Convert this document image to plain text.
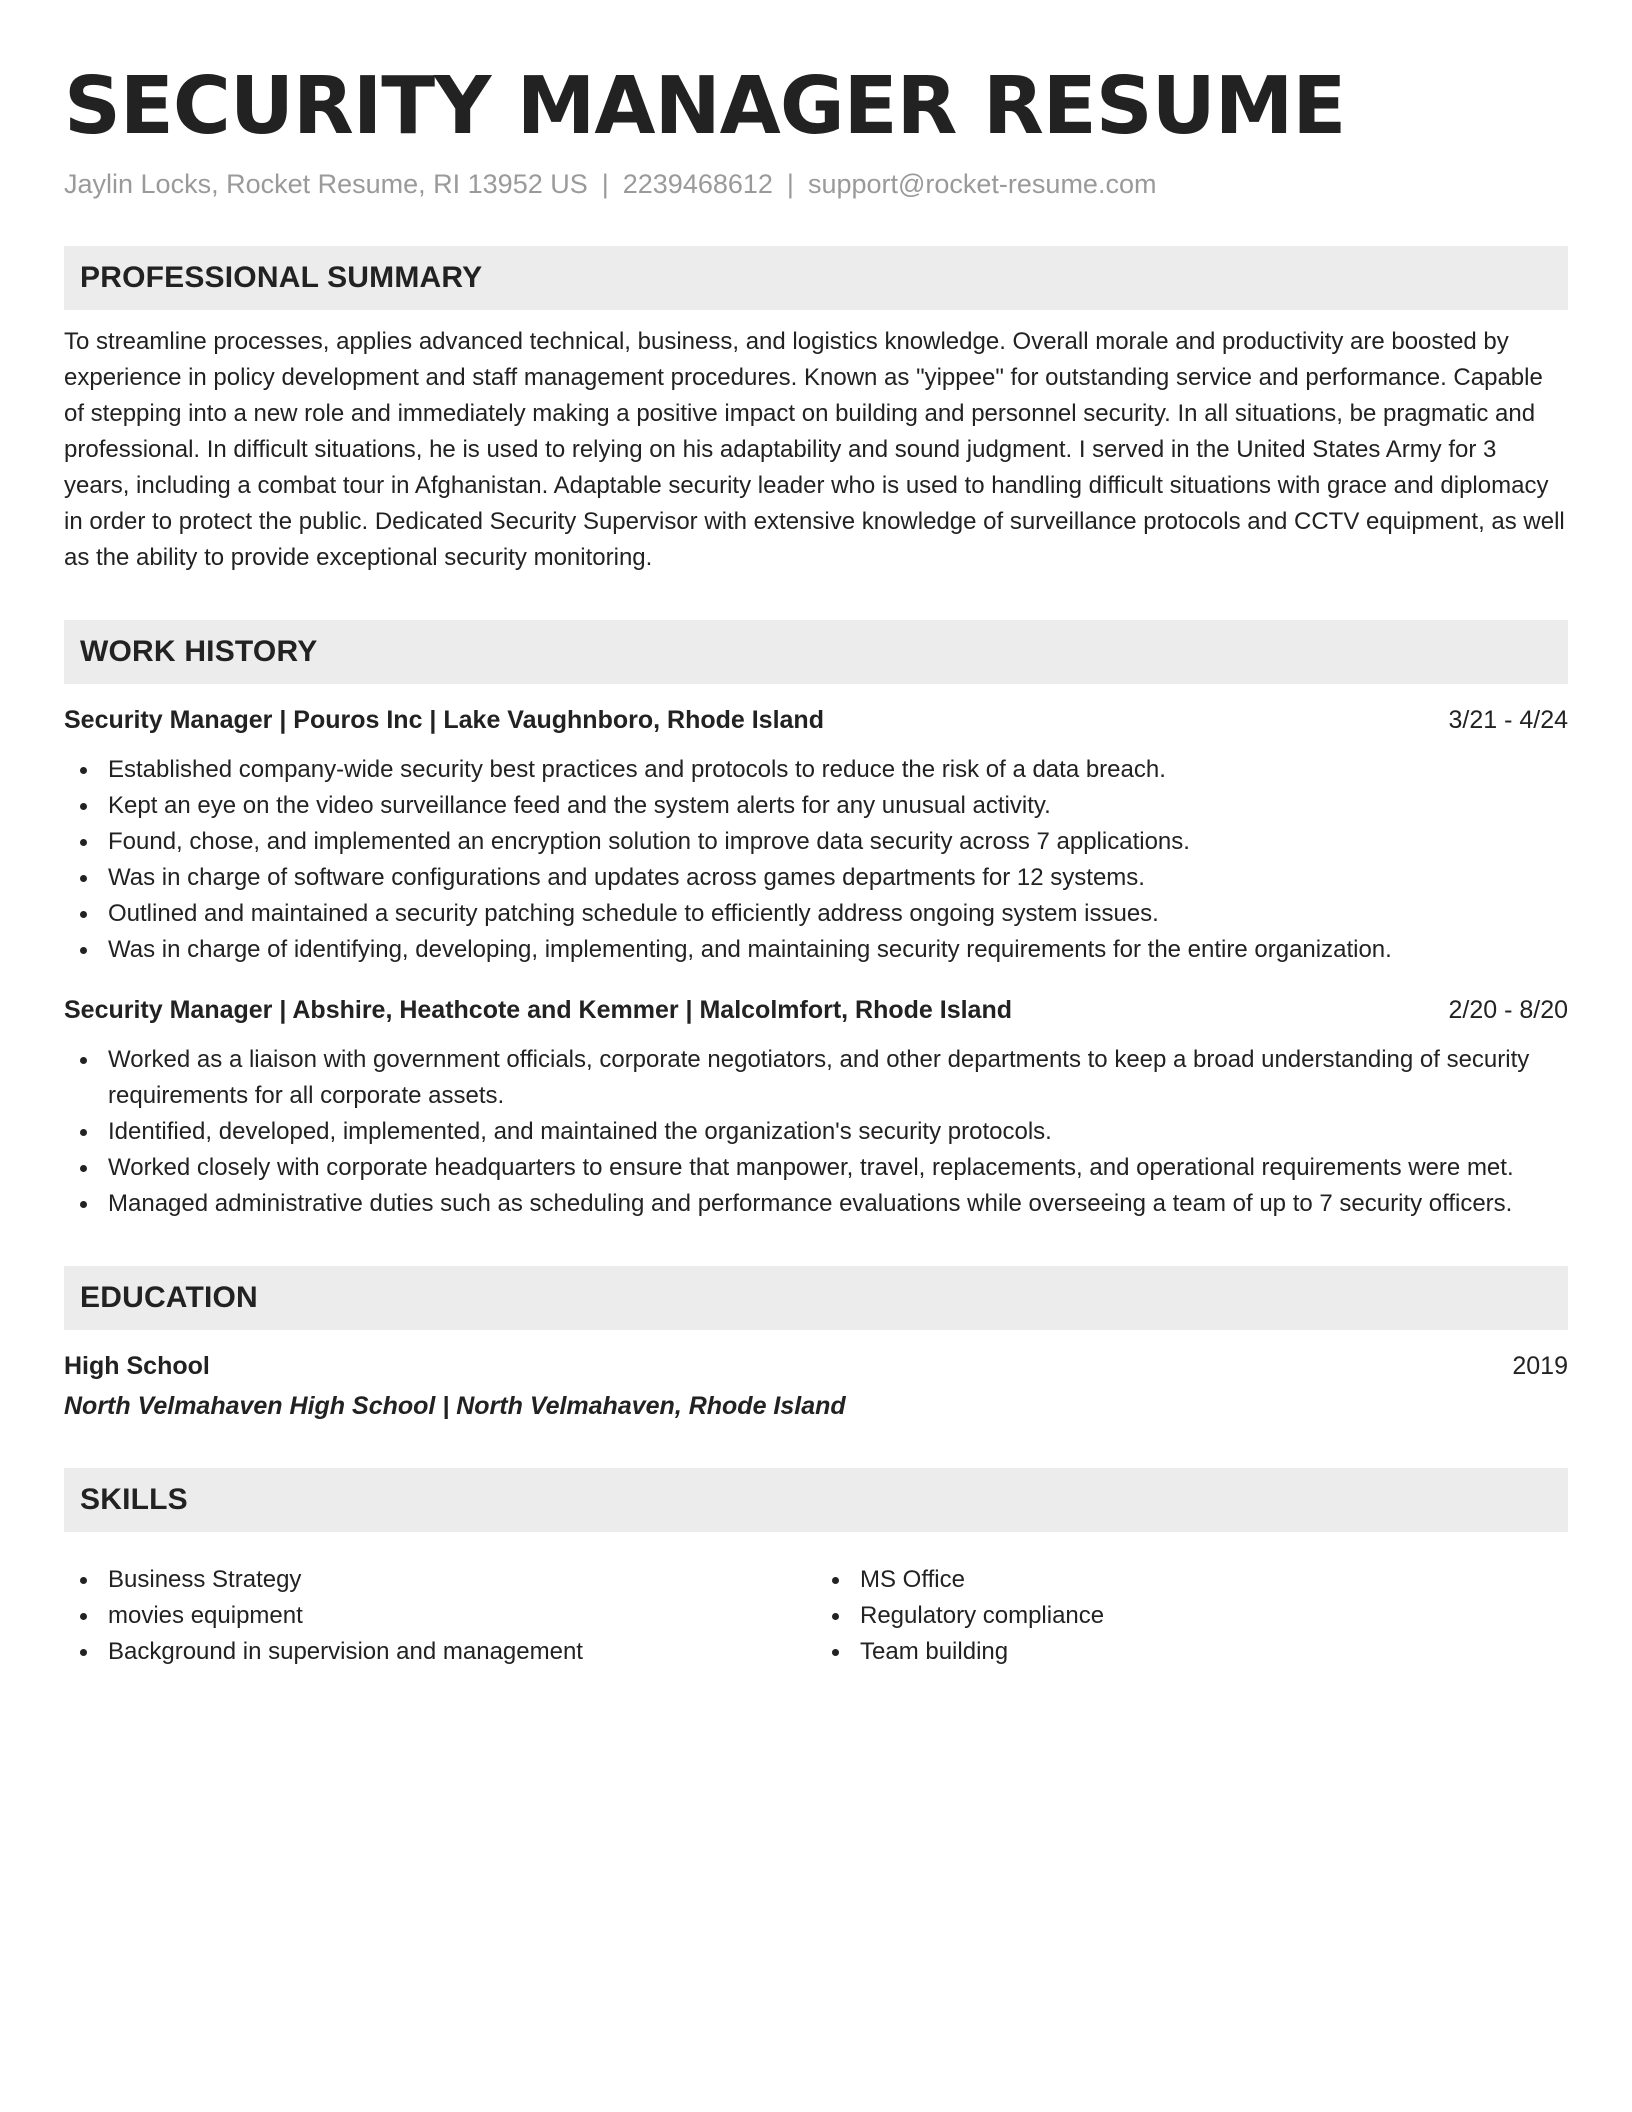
SECURITY MANAGER RESUME
Jaylin Locks, Rocket Resume, RI 13952 US | 2239468612 | support@rocket-resume.com
PROFESSIONAL SUMMARY

To streamline processes, applies advanced technical, business, and logistics knowledge. Overall morale and productivity are boosted by experience in policy development and staff management procedures. Known as "yippee" for outstanding service and performance. Capable of stepping into a new role and immediately making a positive impact on building and personnel security. In all situations, be pragmatic and professional. In difficult situations, he is used to relying on his adaptability and sound judgment. I served in the United States Army for 3 years, including a combat tour in Afghanistan. Adaptable security leader who is used to handling difficult situations with grace and diplomacy in order to protect the public. Dedicated Security Supervisor with extensive knowledge of surveillance protocols and CCTV equipment, as well as the ability to provide exceptional security monitoring.

WORK HISTORY
Security Manager | Pouros Inc | Lake Vaughnboro, Rhode Island	3/21 - 4/24
Established company-wide security best practices and protocols to reduce the risk of a data breach.
Kept an eye on the video surveillance feed and the system alerts for any unusual activity.
Found, chose, and implemented an encryption solution to improve data security across 7 applications.
Was in charge of software configurations and updates across games departments for 12 systems.
Outlined and maintained a security patching schedule to efficiently address ongoing system issues.
Was in charge of identifying, developing, implementing, and maintaining security requirements for the entire organization.
Security Manager | Abshire, Heathcote and Kemmer | Malcolmfort, Rhode Island	2/20 - 8/20
Worked as a liaison with government officials, corporate negotiators, and other departments to keep a broad understanding of security requirements for all corporate assets.
Identified, developed, implemented, and maintained the organization's security protocols.
Worked closely with corporate headquarters to ensure that manpower, travel, replacements, and operational requirements were met.
Managed administrative duties such as scheduling and performance evaluations while overseeing a team of up to 7 security officers.
EDUCATION
High School	2019
North Velmahaven High School | North Velmahaven, Rhode Island
SKILLS
Business Strategy
movies equipment
Background in supervision and management
MS Office
Regulatory compliance
Team building
